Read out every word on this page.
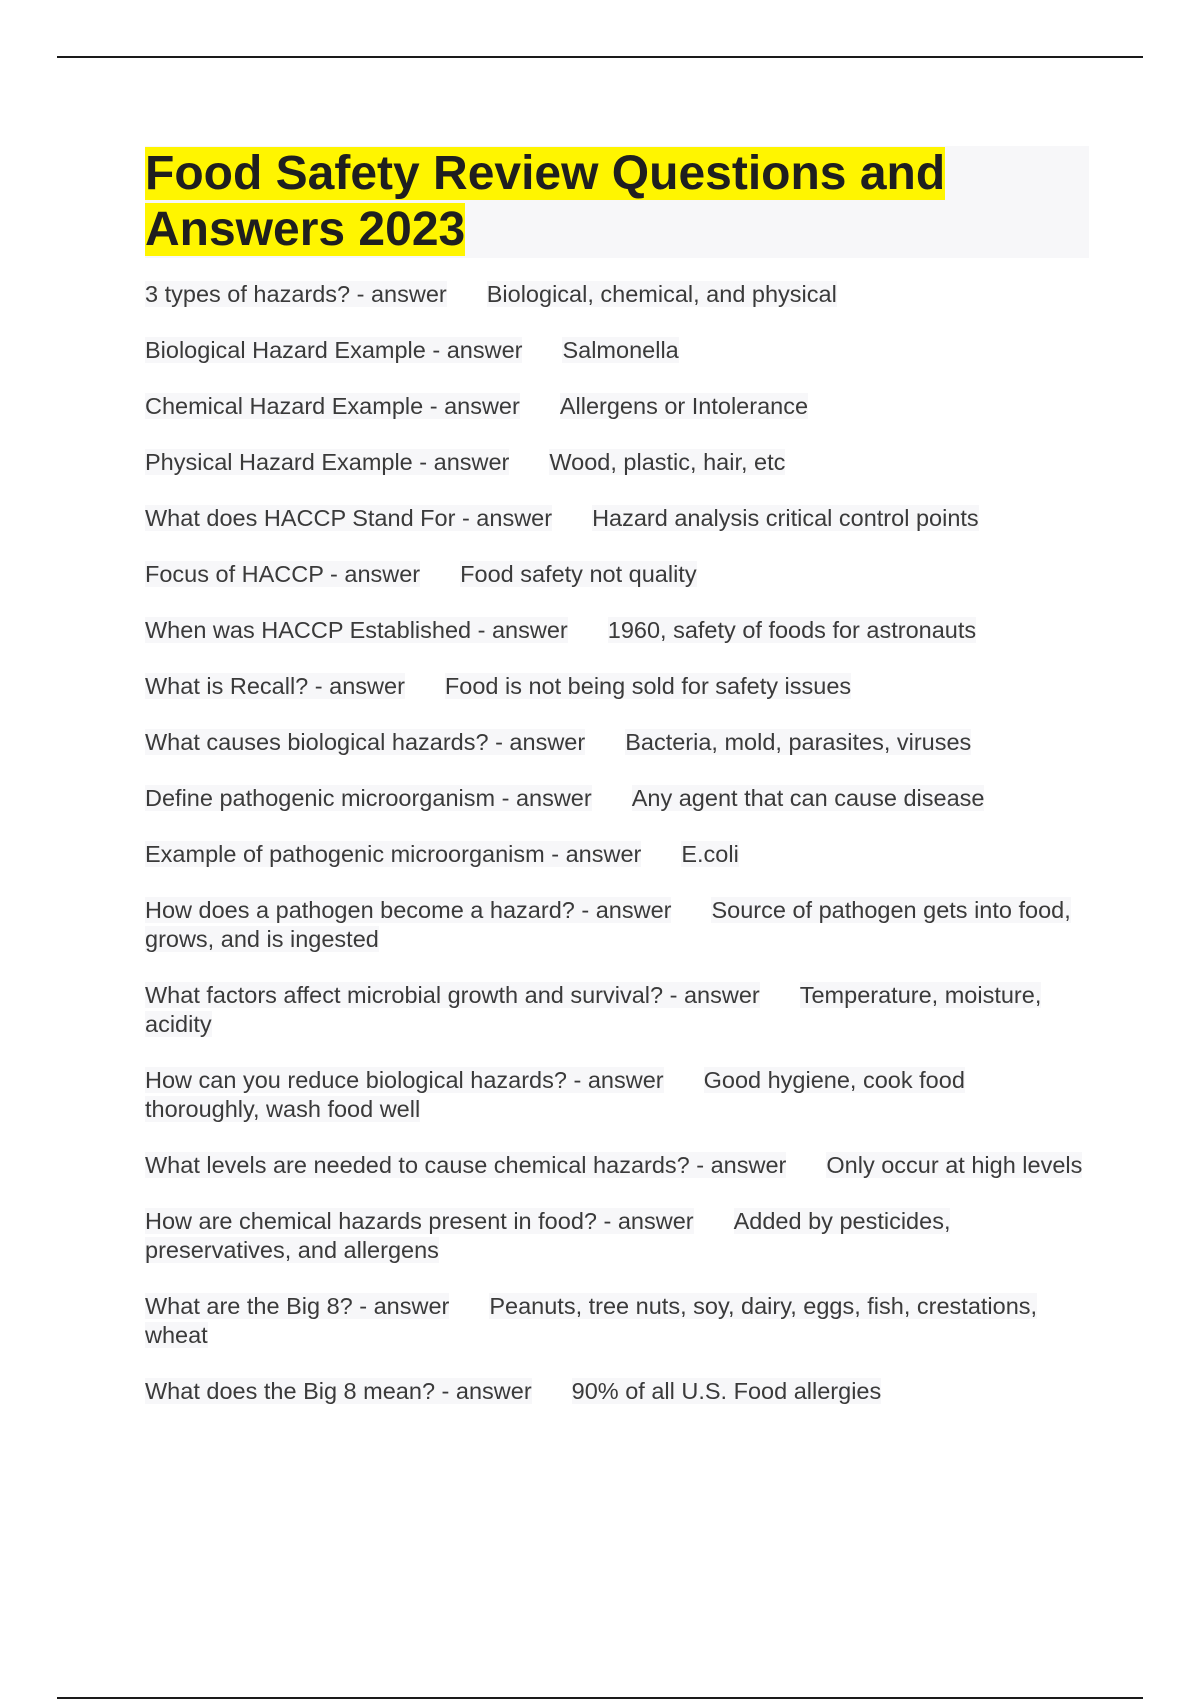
Food Safety Review Questions and Answers 2023

3 types of hazards? - answer Biological, chemical, and physical

Biological Hazard Example - answer Salmonella

Chemical Hazard Example - answer Allergens or Intolerance

Physical Hazard Example - answer Wood, plastic, hair, etc

What does HACCP Stand For - answer Hazard analysis critical control points

Focus of HACCP - answer Food safety not quality

When was HACCP Established - answer 1960, safety of foods for astronauts

What is Recall? - answer Food is not being sold for safety issues

What causes biological hazards? - answer Bacteria, mold, parasites, viruses

Define pathogenic microorganism - answer Any agent that can cause disease

Example of pathogenic microorganism - answer E.coli

How does a pathogen become a hazard? - answer Source of pathogen gets into food, grows, and is ingested

What factors affect microbial growth and survival? - answer Temperature, moisture, acidity

How can you reduce biological hazards? - answer Good hygiene, cook food thoroughly, wash food well

What levels are needed to cause chemical hazards? - answer Only occur at high levels

How are chemical hazards present in food? - answer Added by pesticides, preservatives, and allergens

What are the Big 8? - answer Peanuts, tree nuts, soy, dairy, eggs, fish, crestations, wheat

What does the Big 8 mean? - answer 90% of all U.S. Food allergies
